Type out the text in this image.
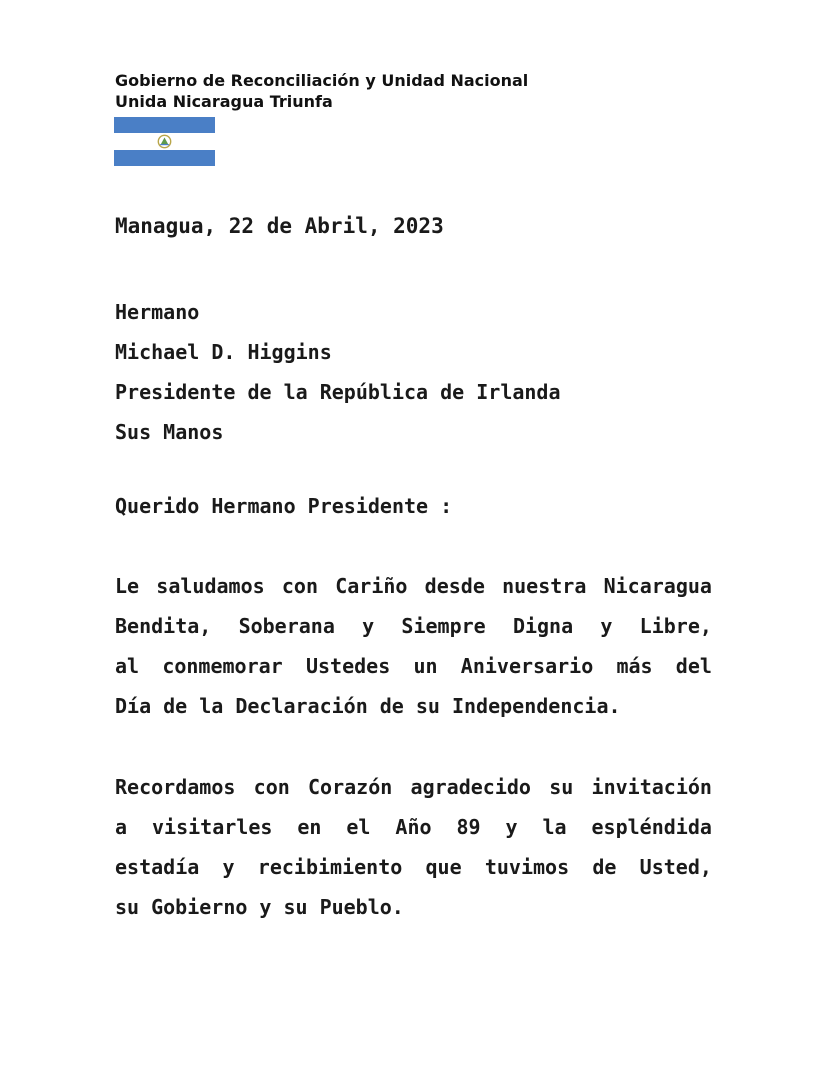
Gobierno de Reconciliación y Unidad Nacional
Unida Nicaragua Triunfa
Managua, 22 de Abril, 2023
Hermano
Michael D. Higgins
Presidente de la República de Irlanda
Sus Manos
Querido Hermano Presidente :
Le saludamos con Cariño desde nuestra Nicaragua
Bendita, Soberana y Siempre Digna y Libre,
al conmemorar Ustedes un Aniversario más del
Día de la Declaración de su Independencia.
Recordamos con Corazón agradecido su invitación
a visitarles en el Año 89 y la espléndida
estadía y recibimiento que tuvimos de Usted,
su Gobierno y su Pueblo.
